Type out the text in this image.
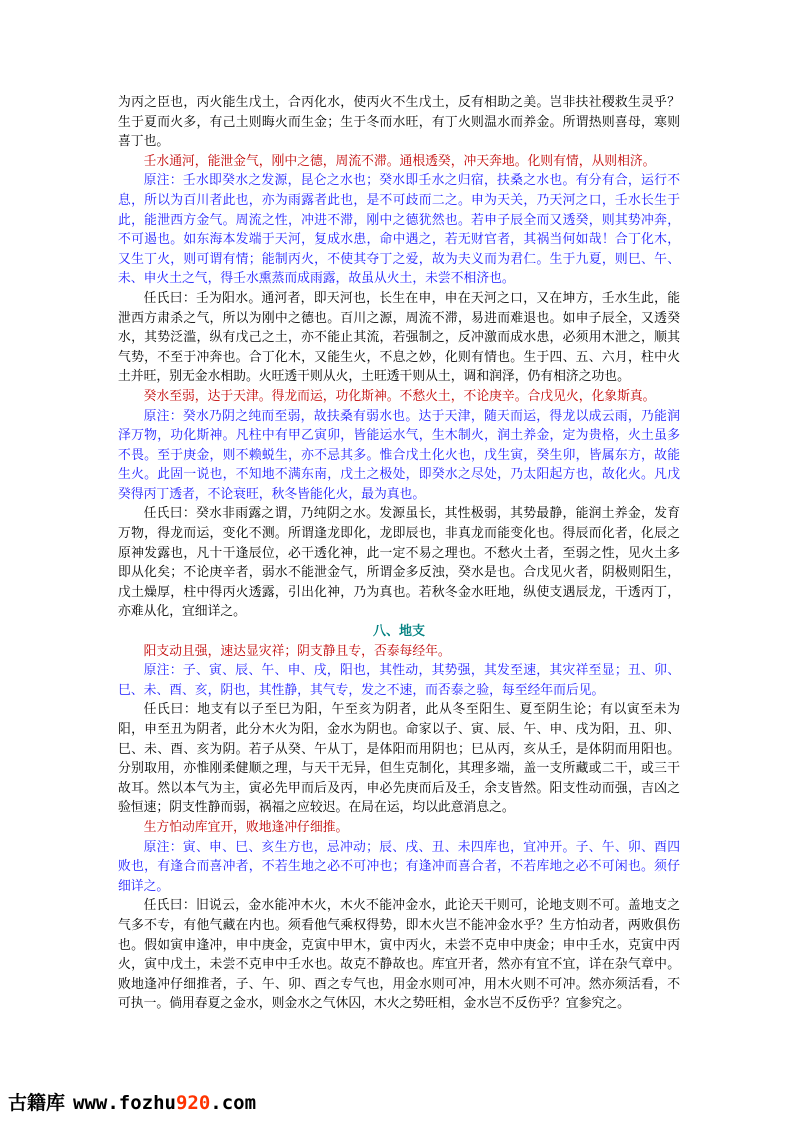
为丙之臣也，丙火能生戊土，合丙化水，使丙火不生戊土，反有相助之美。岂非扶社稷救生灵乎？生于夏而火多，有己土则晦火而生金；生于冬而水旺，有丁火则温水而养金。所谓热则喜母，寒则喜丁也。

壬水通河，能泄金气，刚中之德，周流不滞。通根透癸，冲天奔地。化则有情，从则相济。

原注：壬水即癸水之发源，昆仑之水也；癸水即壬水之归宿，扶桑之水也。有分有合，运行不息，所以为百川者此也，亦为雨露者此也，是不可歧而二之。申为天关，乃天河之口，壬水长生于此，能泄西方金气。周流之性，冲进不滞，刚中之德犹然也。若申子辰全而又透癸，则其势冲奔，不可遏也。如东海本发端于天河，复成水患，命中遇之，若无财官者，其祸当何如哉！合丁化木，又生丁火，则可谓有情；能制丙火，不使其夺丁之爱，故为夫义而为君仁。生于九夏，则巳、午、未、申火土之气，得壬水熏蒸而成雨露，故虽从火土，未尝不相济也。

任氏曰：壬为阳水。通河者，即天河也，长生在申，申在天河之口，又在坤方，壬水生此，能泄西方肃杀之气，所以为刚中之德也。百川之源，周流不滞，易进而难退也。如申子辰全，又透癸水，其势泛滥，纵有戊己之土，亦不能止其流，若强制之，反冲激而成水患，必须用木泄之，顺其气势，不至于冲奔也。合丁化木，又能生火，不息之妙，化则有情也。生于四、五、六月，柱中火土并旺，别无金水相助。火旺透干则从火，土旺透干则从土，调和润泽，仍有相济之功也。

癸水至弱，达于天津。得龙而运，功化斯神。不愁火土，不论庚辛。合戊见火，化象斯真。

原注：癸水乃阴之纯而至弱，故扶桑有弱水也。达于天津，随天而运，得龙以成云雨，乃能润泽万物，功化斯神。凡柱中有甲乙寅卯，皆能运水气，生木制火，润土养金，定为贵格，火土虽多不畏。至于庚金，则不赖蜕生，亦不忌其多。惟合戊土化火也，戊生寅，癸生卯，皆属东方，故能生火。此固一说也，不知地不满东南，戊土之极处，即癸水之尽处，乃太阳起方也，故化火。凡戊癸得丙丁透者，不论衰旺，秋冬皆能化火，最为真也。

任氏曰：癸水非雨露之谓，乃纯阴之水。发源虽长，其性极弱，其势最静，能润土养金，发育万物，得龙而运，变化不测。所谓逢龙即化，龙即辰也，非真龙而能变化也。得辰而化者，化辰之原神发露也，凡十干逢辰位，必干透化神，此一定不易之理也。不愁火土者，至弱之性，见火土多即从化矣；不论庚辛者，弱水不能泄金气，所谓金多反浊，癸水是也。合戊见火者，阴极则阳生，戊土燥厚，柱中得丙火透露，引出化神，乃为真也。若秋冬金水旺地，纵使支遇辰龙，干透丙丁，亦难从化，宜细详之。

八、地支

阳支动且强，速达显灾祥；阴支静且专，否泰每经年。

原注：子、寅、辰、午、申、戌，阳也，其性动，其势强，其发至速，其灾祥至显；丑、卯、巳、未、酉、亥，阴也，其性静，其气专，发之不速，而否泰之验，每至经年而后见。

任氏曰：地支有以子至巳为阳，午至亥为阴者，此从冬至阳生、夏至阴生论；有以寅至未为阳，申至丑为阴者，此分木火为阳，金水为阴也。命家以子、寅、辰、午、申、戌为阳，丑、卯、巳、未、酉、亥为阴。若子从癸、午从丁，是体阳而用阴也；巳从丙，亥从壬，是体阴而用阳也。分别取用，亦惟刚柔健顺之理，与天干无异，但生克制化，其理多端，盖一支所藏或二干，或三干故耳。然以本气为主，寅必先甲而后及丙，申必先庚而后及壬，余支皆然。阳支性动而强，吉凶之验恒速；阴支性静而弱，祸福之应较迟。在局在运，均以此意消息之。

生方怕动库宜开，败地逢冲仔细推。

原注：寅、申、巳、亥生方也，忌冲动；辰、戌、丑、未四库也，宜冲开。子、午、卯、酉四败也，有逢合而喜冲者，不若生地之必不可冲也；有逢冲而喜合者，不若库地之必不可闲也。须仔细详之。

任氏曰：旧说云，金水能冲木火，木火不能冲金水，此论天干则可，论地支则不可。盖地支之气多不专，有他气藏在内也。须看他气乘权得势，即木火岂不能冲金水乎？生方怕动者，两败俱伤也。假如寅申逢冲，申中庚金，克寅中甲木，寅中丙火，未尝不克申中庚金；申中壬水，克寅中丙火，寅中戊土，未尝不克申中壬水也。故克不静故也。库宜开者，然亦有宜不宜，详在杂气章中。败地逢冲仔细推者，子、午、卯、酉之专气也，用金水则可冲，用木火则不可冲。然亦须活看，不可执一。倘用春夏之金水，则金水之气休囚，木火之势旺相，金水岂不反伤乎？宜参究之。

古籍库 www.fozhu920.com
